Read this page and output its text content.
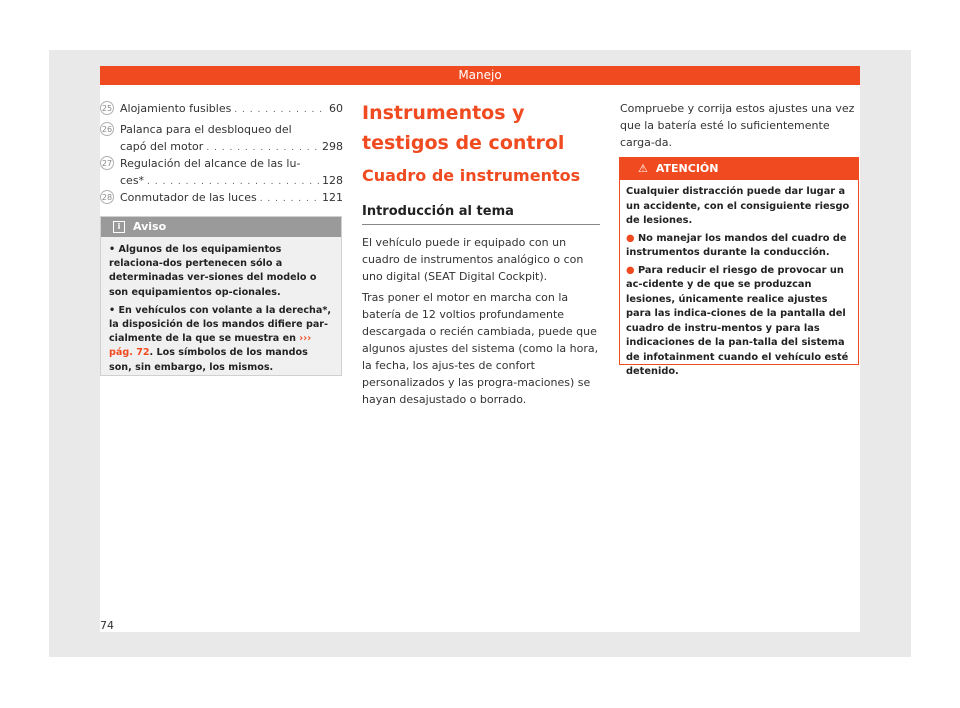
Manejo
25 Alojamiento fusibles . . .	60
26 Palanca para el desbloqueo del
capó del motor . . .	298
27 Regulación del alcance de las lu-
ces* . . .	128
28 Conmutador de las luces . . .	121
i Aviso

• Algunos de los equipamientos relaciona-dos pertenecen sólo a determinadas ver-siones del modelo o son equipamientos op-cionales.

• En vehículos con volante a la derecha*, la disposición de los mandos difiere par-cialmente de la que se muestra en ››› pág. 72. Los símbolos de los mandos son, sin embargo, los mismos.

Instrumentos y testigos de control
Cuadro de instrumentos
Introducción al tema

El vehículo puede ir equipado con un cuadro de instrumentos analógico o con uno digital (SEAT Digital Cockpit).

Tras poner el motor en marcha con la batería de 12 voltios profundamente descargada o recién cambiada, puede que algunos ajustes del sistema (como la hora, la fecha, los ajus-tes de confort personalizados y las progra-maciones) se hayan desajustado o borrado.

Compruebe y corrija estos ajustes una vez que la batería esté lo suficientemente carga-da.
⚠ ATENCIÓN

Cualquier distracción puede dar lugar a un accidente, con el consiguiente riesgo de lesiones.

● No manejar los mandos del cuadro de instrumentos durante la conducción.

● Para reducir el riesgo de provocar un ac-cidente y de que se produzcan lesiones, únicamente realice ajustes para las indica-ciones de la pantalla del cuadro de instru-mentos y para las indicaciones de la pan-talla del sistema de infotainment cuando el vehículo esté detenido.

74
